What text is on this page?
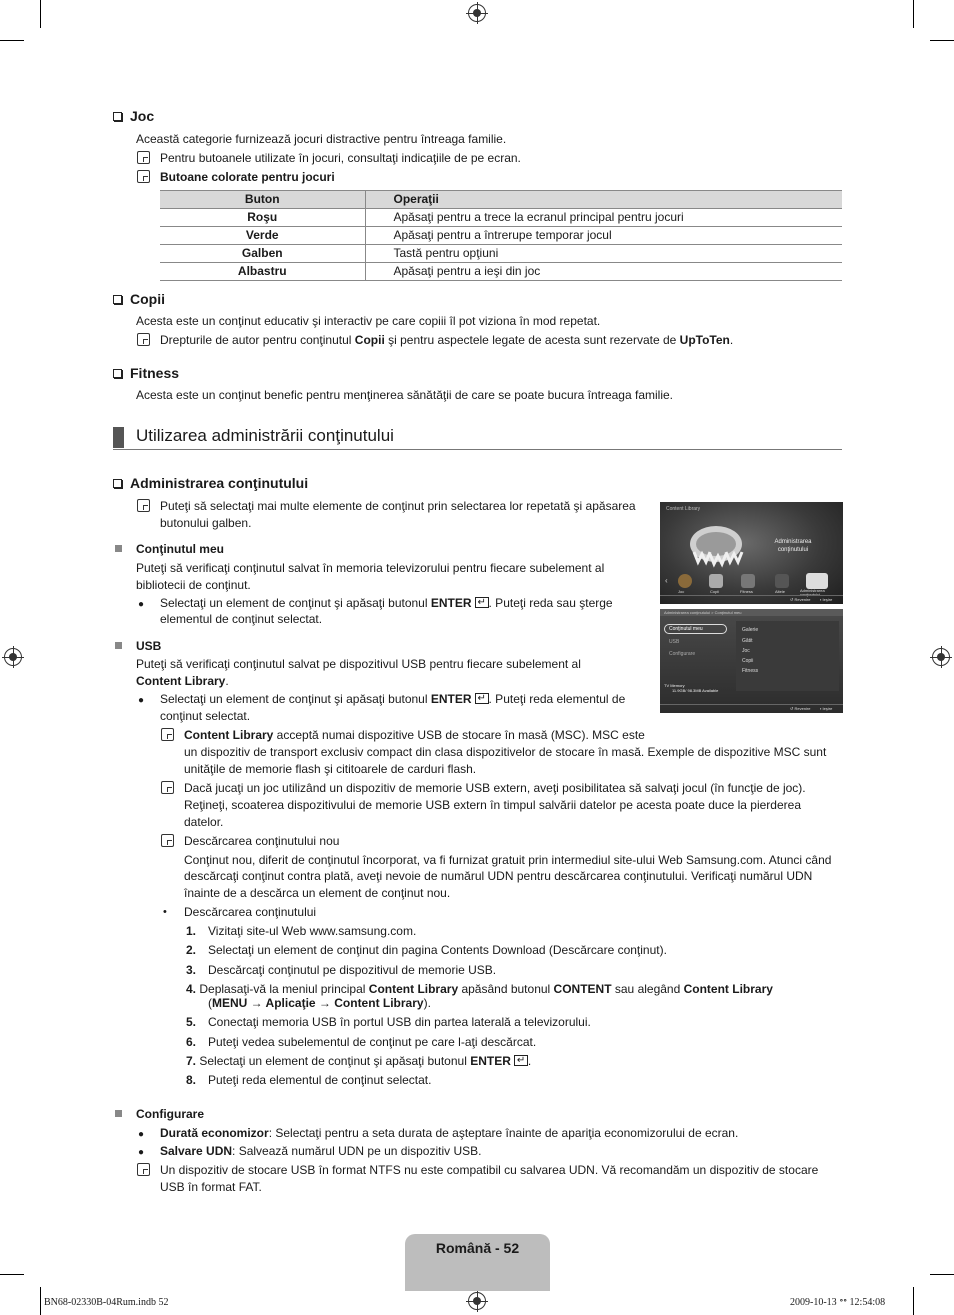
Joc
Această categorie furnizează jocuri distractive pentru întreaga familie.
Pentru butoanele utilizate în jocuri, consultaţi indicaţiile de pe ecran.
Butoane colorate pentru jocuri
Buton	Operaţii
Roşu	Apăsaţi pentru a trece la ecranul principal pentru jocuri
Verde	Apăsaţi pentru a întrerupe temporar jocul
Galben	Tastă pentru opţiuni
Albastru	Apăsaţi pentru a ieşi din joc
Copii
Acesta este un conţinut educativ şi interactiv pe care copiii îl pot viziona în mod repetat.
Drepturile de autor pentru conţinutul Copii şi pentru aspectele legate de acesta sunt rezervate de UpToTen.
Fitness
Acesta este un conţinut benefic pentru menţinerea sănătăţii de care se poate bucura întreaga familie.
Utilizarea administrării conţinutului
Administrarea conţinutului
Puteţi să selectaţi mai multe elemente de conţinut prin selectarea lor repetată şi apăsarea
butonului galben.
Conţinutul meu
Puteţi să verificaţi conţinutul salvat în memoria televizorului pentru fiecare subelement al
bibliotecii de conţinut.
● Selectaţi un element de conţinut şi apăsaţi butonul ENTER ↵ . Puteţi reda sau şterge
elementul de conţinut selectat.
USB
Puteţi să verificaţi conţinutul salvat pe dispozitivul USB pentru fiecare subelement al
Content Library.
● Selectaţi un element de conţinut şi apăsaţi butonul ENTER ↵ . Puteţi reda elementul de
conţinut selectat.
Content Library acceptă numai dispozitive USB de stocare în masă (MSC). MSC este
un dispozitiv de transport exclusiv compact din clasa dispozitivelor de stocare în masă. Exemple de dispozitive MSC sunt
unităţile de memorie flash şi cititoarele de carduri flash.
Dacă jucaţi un joc utilizând un dispozitiv de memorie USB extern, aveţi posibilitatea să salvaţi jocul (în funcţie de joc).
Reţineţi, scoaterea dispozitivului de memorie USB extern în timpul salvării datelor pe acesta poate duce la pierderea
datelor.
Descărcarea conţinutului nou
Conţinut nou, diferit de conţinutul încorporat, va fi furnizat gratuit prin intermediul site-ului Web Samsung.com. Atunci când
descărcaţi conţinut contra plată, aveţi nevoie de numărul UDN pentru descărcarea conţinutului. Verificaţi numărul UDN
înainte de a descărca un element de conţinut nou.
• Descărcarea conţinutului
1. Vizitaţi site-ul Web www.samsung.com.
2. Selectaţi un element de conţinut din pagina Contents Download (Descărcare conţinut).
3. Descărcaţi conţinutul pe dispozitivul de memorie USB.
4. Deplasaţi-vă la meniul principal Content Library apăsând butonul CONTENT sau alegând Content Library
(MENU → Aplicaţie → Content Library).
5. Conectaţi memoria USB în portul USB din partea laterală a televizorului.
6. Puteţi vedea subelementul de conţinut pe care l-aţi descărcat.
7. Selectaţi un element de conţinut şi apăsaţi butonul ENTER ↵ .
8. Puteţi reda elementul de conţinut selectat.
Configurare
● Durată economizor: Selectaţi pentru a seta durata de aşteptare înainte de apariţia economizorului de ecran.
● Salvare UDN: Salvează numărul UDN pe un dispozitiv USB.
Un dispozitiv de stocare USB în format NTFS nu este compatibil cu salvarea UDN. Vă recomandăm un dispozitiv de stocare
USB în format FAT.
Content Library
Administrarea
conţinutului
‹
Joc	Copii	Fitness	Altele	Administrarea
↺ Revenire ▪ Ieşire
Administrarea conţinutului > Conţinutul meu
Conţinutul meu
USB
Configurare
Galerie
Gătit
Joc
Copii
Fitness
TV Memory
11.9GB/ 98.3MB Available
↺ Revenire ▪ Ieşire
Română - 52
BN68-02330B-04Rum.indb 52	2009-10-13 ꢀꢀ 12:54:08
